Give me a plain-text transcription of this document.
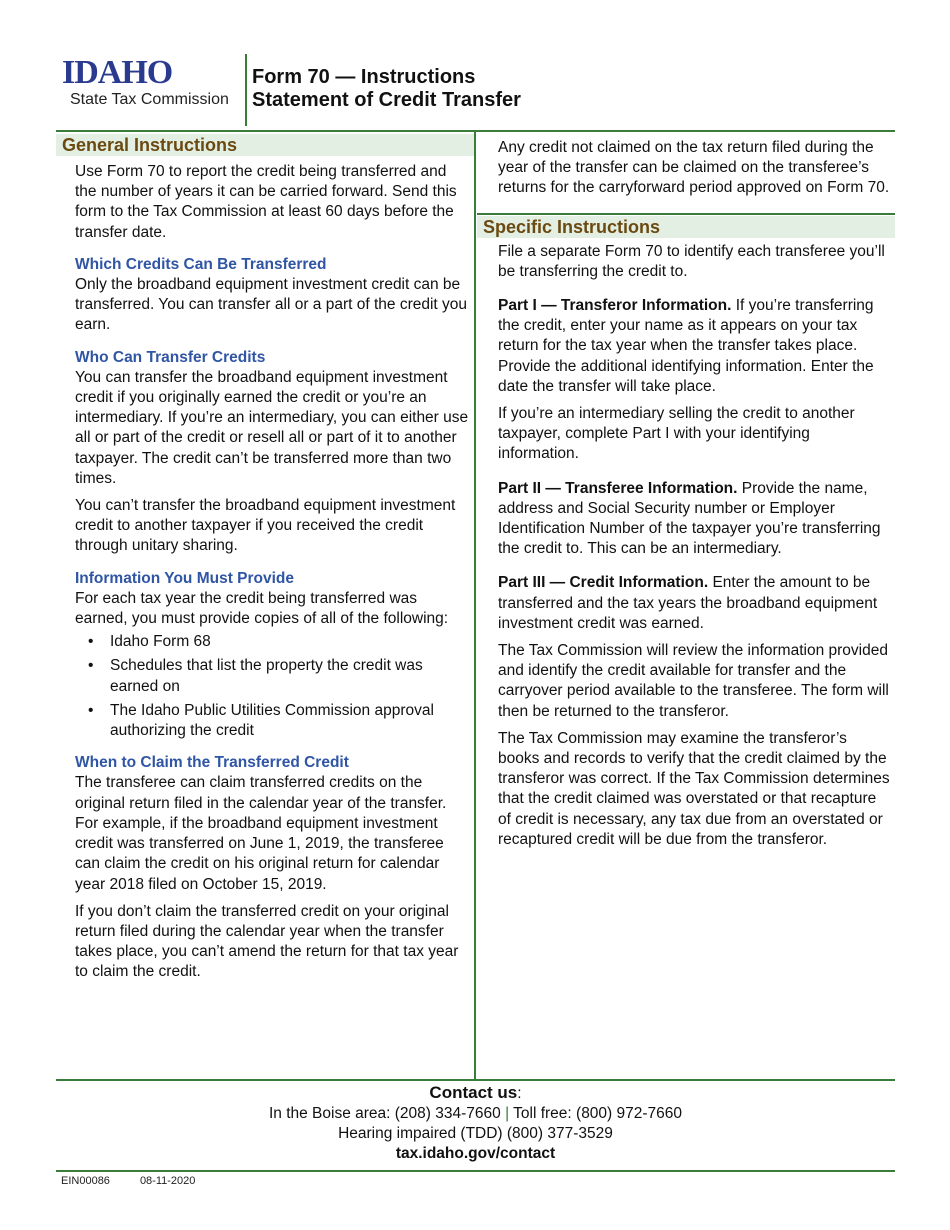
IDAHO
State Tax Commission
Form 70 — Instructions
Statement of Credit Transfer
General Instructions

Use Form 70 to report the credit being transferred and the number of years it can be carried forward. Send this form to the Tax Commission at least 60 days before the transfer date.

Which Credits Can Be Transferred

Only the broadband equipment investment credit can be transferred. You can transfer all or a part of the credit you earn.

Who Can Transfer Credits

You can transfer the broadband equipment investment credit if you originally earned the credit or you’re an intermediary. If you’re an intermediary, you can either use all or part of the credit or resell all or part of it to another taxpayer. The credit can’t be transferred more than two times.

You can’t transfer the broadband equipment investment credit to another taxpayer if you received the credit through unitary sharing.

Information You Must Provide

For each tax year the credit being transferred was earned, you must provide copies of all of the following:

• Idaho Form 68
• Schedules that list the property the credit was earned on
• The Idaho Public Utilities Commission approval authorizing the credit
When to Claim the Transferred Credit

The transferee can claim transferred credits on the original return filed in the calendar year of the transfer. For example, if the broadband equipment investment credit was transferred on June 1, 2019, the transferee can claim the credit on his original return for calendar year 2018 filed on October 15, 2019.

If you don’t claim the transferred credit on your original return filed during the calendar year when the transfer takes place, you can’t amend the return for that tax year to claim the credit.

Any credit not claimed on the tax return filed during the year of the transfer can be claimed on the transferee’s returns for the carryforward period approved on Form 70.

Specific Instructions

File a separate Form 70 to identify each transferee you’ll be transferring the credit to.

Part I — Transferor Information. If you’re transferring the credit, enter your name as it appears on your tax return for the tax year when the transfer takes place. Provide the additional identifying information. Enter the date the transfer will take place.

If you’re an intermediary selling the credit to another taxpayer, complete Part I with your identifying information.

Part II — Transferee Information. Provide the name, address and Social Security number or Employer Identification Number of the taxpayer you’re transferring the credit to. This can be an intermediary.

Part III — Credit Information. Enter the amount to be transferred and the tax years the broadband equipment investment credit was earned.

The Tax Commission will review the information provided and identify the credit available for transfer and the carryover period available to the transferee. The form will then be returned to the transferor.

The Tax Commission may examine the transferor’s books and records to verify that the credit claimed by the transferor was correct. If the Tax Commission determines that the credit claimed was overstated or that recapture of credit is necessary, any tax due from an overstated or recaptured credit will be due from the transferor.

Contact us:
In the Boise area: (208) 334-7660 | Toll free: (800) 972-7660
Hearing impaired (TDD) (800) 377-3529
tax.idaho.gov/contact
EIN00086	08-11-2020
